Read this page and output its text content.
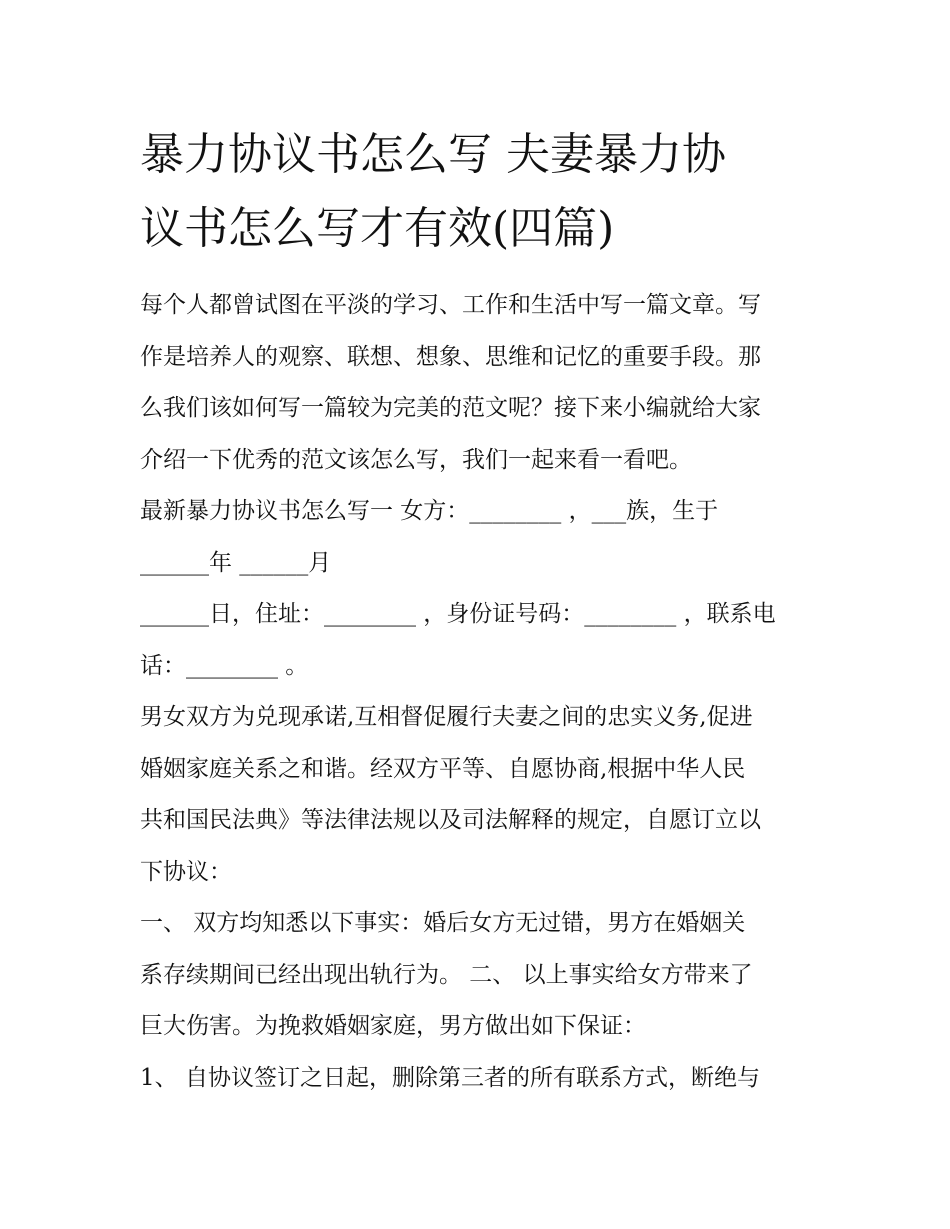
暴力协议书怎么写 夫妻暴力协
议书怎么写才有效(四篇)
每个人都曾试图在平淡的学习、工作和生活中写一篇文章。写
作是培养人的观察、联想、想象、思维和记忆的重要手段。那
么我们该如何写一篇较为完美的范文呢？接下来小编就给大家
介绍一下优秀的范文该怎么写，我们一起来看一看吧。
最新暴力协议书怎么写一 女方：________ ，___族，生于
______年 ______月
______日，住址：________ ，身份证号码：________ ，联系电
话：________ 。
男女双方为兑现承诺,互相督促履行夫妻之间的忠实义务,促进
婚姻家庭关系之和谐。经双方平等、自愿协商,根据中华人民
共和国民法典》等法律法规以及司法解释的规定，自愿订立以
下协议：
一、 双方均知悉以下事实：婚后女方无过错，男方在婚姻关
系存续期间已经出现出轨行为。 二、 以上事实给女方带来了
巨大伤害。为挽救婚姻家庭，男方做出如下保证：
1、 自协议签订之日起，删除第三者的所有联系方式，断绝与
